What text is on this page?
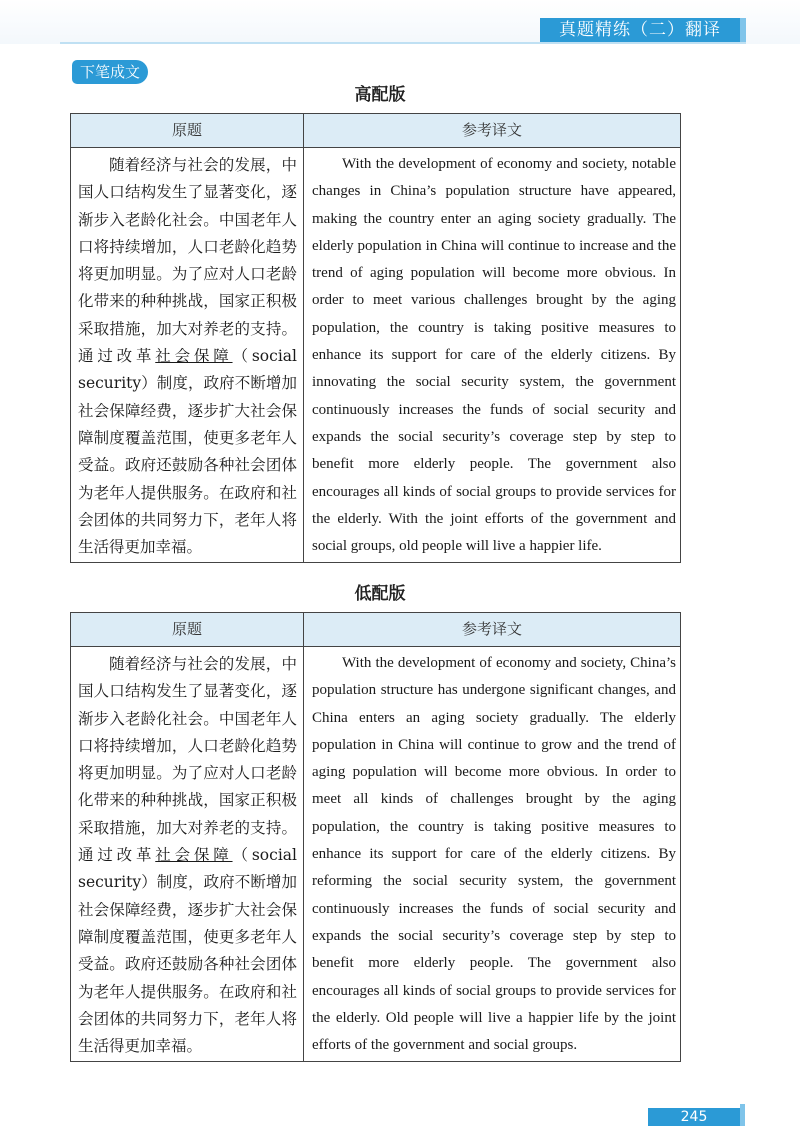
真题精练（二）翻译
下笔成文
高配版
原题	参考译文
随着经济与社会的发展，中国人口结构发生了显著变化，逐渐步入老龄化社会。中国老年人口将持续增加，人口老龄化趋势将更加明显。为了应对人口老龄化带来的种种挑战，国家正积极采取措施，加大对养老的支持。通过改革社会保障（social security）制度，政府不断增加社会保障经费，逐步扩大社会保障制度覆盖范围，使更多老年人受益。政府还鼓励各种社会团体为老年人提供服务。在政府和社会团体的共同努力下，老年人将生活得更加幸福。
With the development of economy and society, notable changes in China’s population structure have appeared, making the country enter an aging society gradually. The elderly population in China will continue to increase and the trend of aging population will become more obvious. In order to meet various challenges brought by the aging population, the country is taking positive measures to enhance its support for care of the elderly citizens. By innovating the social security system, the government continuously increases the funds of social security and expands the social security’s coverage step by step to benefit more elderly people. The government also encourages all kinds of social groups to provide services for the elderly. With the joint efforts of the government and social groups, old people will live a happier life.
低配版
原题	参考译文
随着经济与社会的发展，中国人口结构发生了显著变化，逐渐步入老龄化社会。中国老年人口将持续增加，人口老龄化趋势将更加明显。为了应对人口老龄化带来的种种挑战，国家正积极采取措施，加大对养老的支持。通过改革社会保障（social security）制度，政府不断增加社会保障经费，逐步扩大社会保障制度覆盖范围，使更多老年人受益。政府还鼓励各种社会团体为老年人提供服务。在政府和社会团体的共同努力下，老年人将生活得更加幸福。
With the development of economy and society, China’s population structure has undergone significant changes, and China enters an aging society gradually. The elderly population in China will continue to grow and the trend of aging population will become more obvious. In order to meet all kinds of challenges brought by the aging population, the country is taking positive measures to enhance its support for care of the elderly citizens. By reforming the social security system, the government continuously increases the funds of social security and expands the social security’s coverage step by step to benefit more elderly people. The government also encourages all kinds of social groups to provide services for the elderly. Old people will live a happier life by the joint efforts of the government and social groups.
245
